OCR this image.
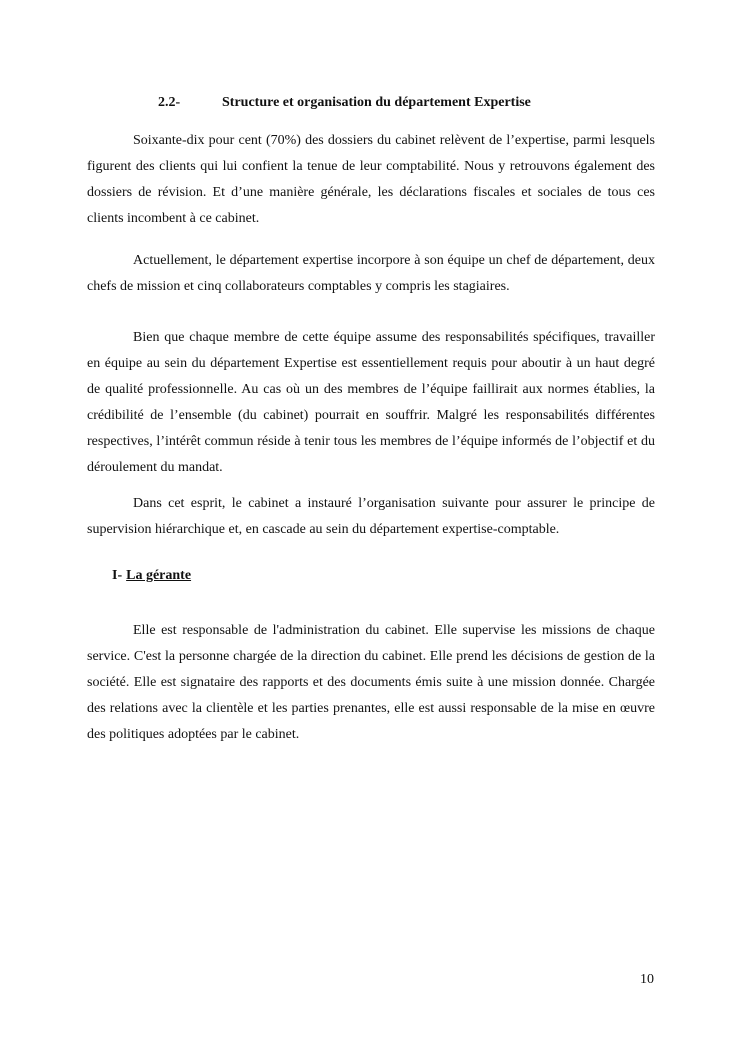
2.2-	Structure et organisation du département Expertise

Soixante-dix pour cent (70%) des dossiers du cabinet relèvent de l’expertise, parmi lesquels figurent des clients qui lui confient la tenue de leur comptabilité. Nous y retrouvons également des dossiers de révision. Et d’une manière générale, les déclarations fiscales et sociales de tous ces clients incombent à ce cabinet.

Actuellement, le département expertise incorpore à son équipe un chef de département, deux chefs de mission et cinq collaborateurs comptables y compris les stagiaires.

Bien que chaque membre de cette équipe assume des responsabilités spécifiques, travailler en équipe au sein du département Expertise est essentiellement requis pour aboutir à un haut degré de qualité professionnelle. Au cas où un des membres de l’équipe faillirait aux normes établies, la crédibilité de l’ensemble (du cabinet) pourrait en souffrir. Malgré les responsabilités différentes respectives, l’intérêt commun réside à tenir tous les membres de l’équipe informés de l’objectif et du déroulement du mandat.

Dans cet esprit, le cabinet a instauré l’organisation suivante pour assurer le principe de supervision hiérarchique et, en cascade au sein du département expertise-comptable.

I- La gérante

Elle est responsable de l'administration du cabinet. Elle supervise les missions de chaque service. C'est la personne chargée de la direction du cabinet. Elle prend les décisions de gestion de la société. Elle est signataire des rapports et des documents émis suite à une mission donnée. Chargée des relations avec la clientèle et les parties prenantes, elle est aussi responsable de la mise en œuvre des politiques adoptées par le cabinet.

10
